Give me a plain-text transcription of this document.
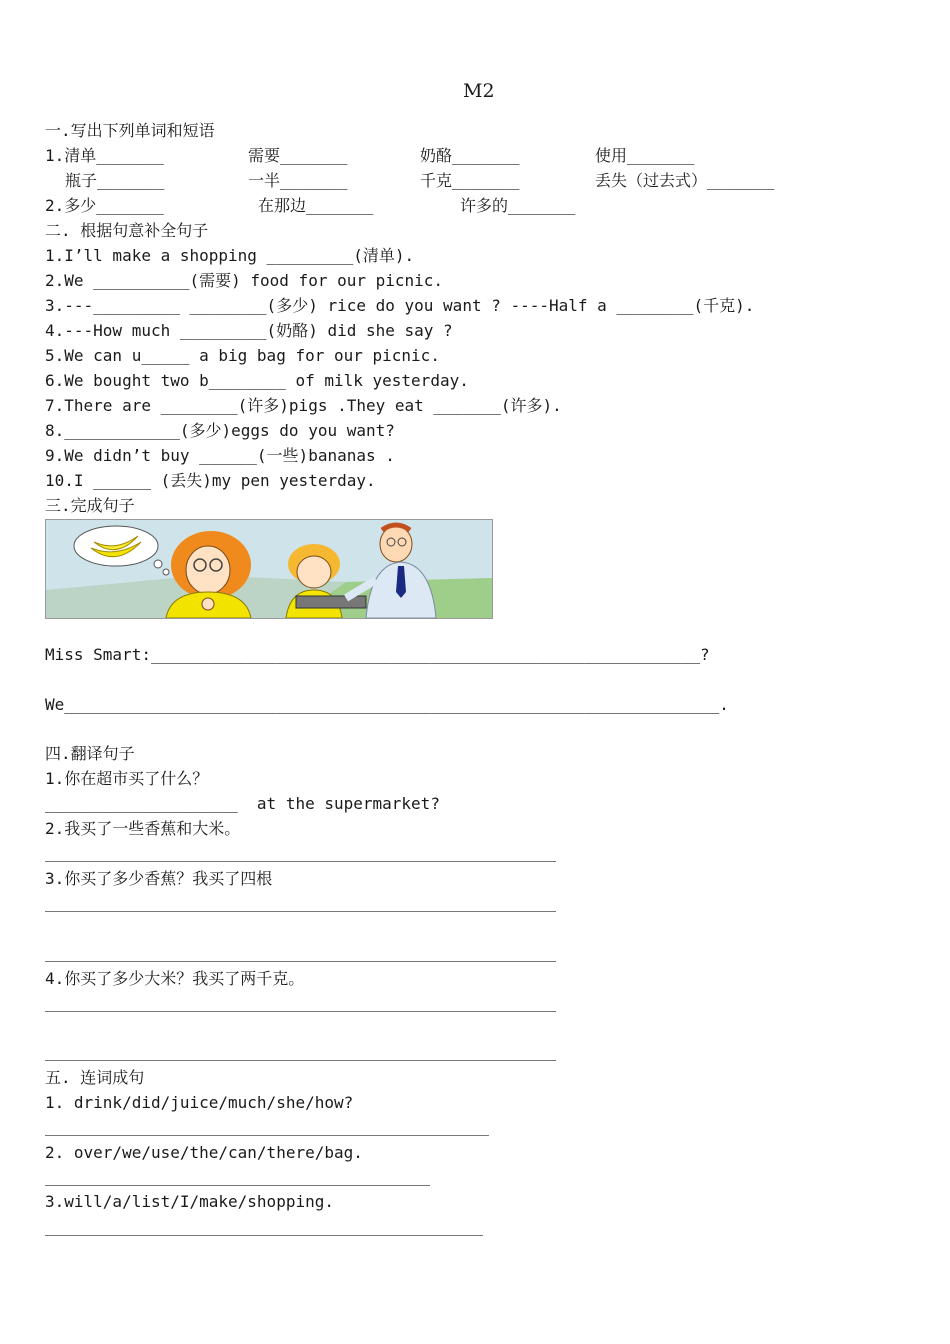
M2
一.写出下列单词和短语
1.清单_______	需要_______	奶酪_______	使用_______
瓶子_______	一半_______	千克_______	丢失（过去式）_______
2.多少_______	在那边_______	许多的_______
二. 根据句意补全句子
1.I’ll make a shopping _________(清单).
2.We __________(需要) food for our picnic.
3.---_________ ________(多少) rice do you want ? ----Half a ________(千克).
4.---How much _________(奶酪) did she say ?
5.We can u_____ a big bag for our picnic.
6.We bought two b________ of milk yesterday.
7.There are ________(许多)pigs .They eat _______(许多).
8.____________(多少)eggs do you want?
9.We didn’t buy ______(一些)bananas .
10.I ______ (丢失)my pen yesterday.
三.完成句子
Miss Smart:_________________________________________________________?
We____________________________________________________________________.
四.翻译句子
1.你在超市买了什么？
____________________  at the supermarket?
2.我买了一些香蕉和大米。
3.你买了多少香蕉？我买了四根
4.你买了多少大米？我买了两千克。
五. 连词成句
1. drink/did/juice/much/she/how?
2. over/we/use/the/can/there/bag.
3.will/a/list/I/make/shopping.
